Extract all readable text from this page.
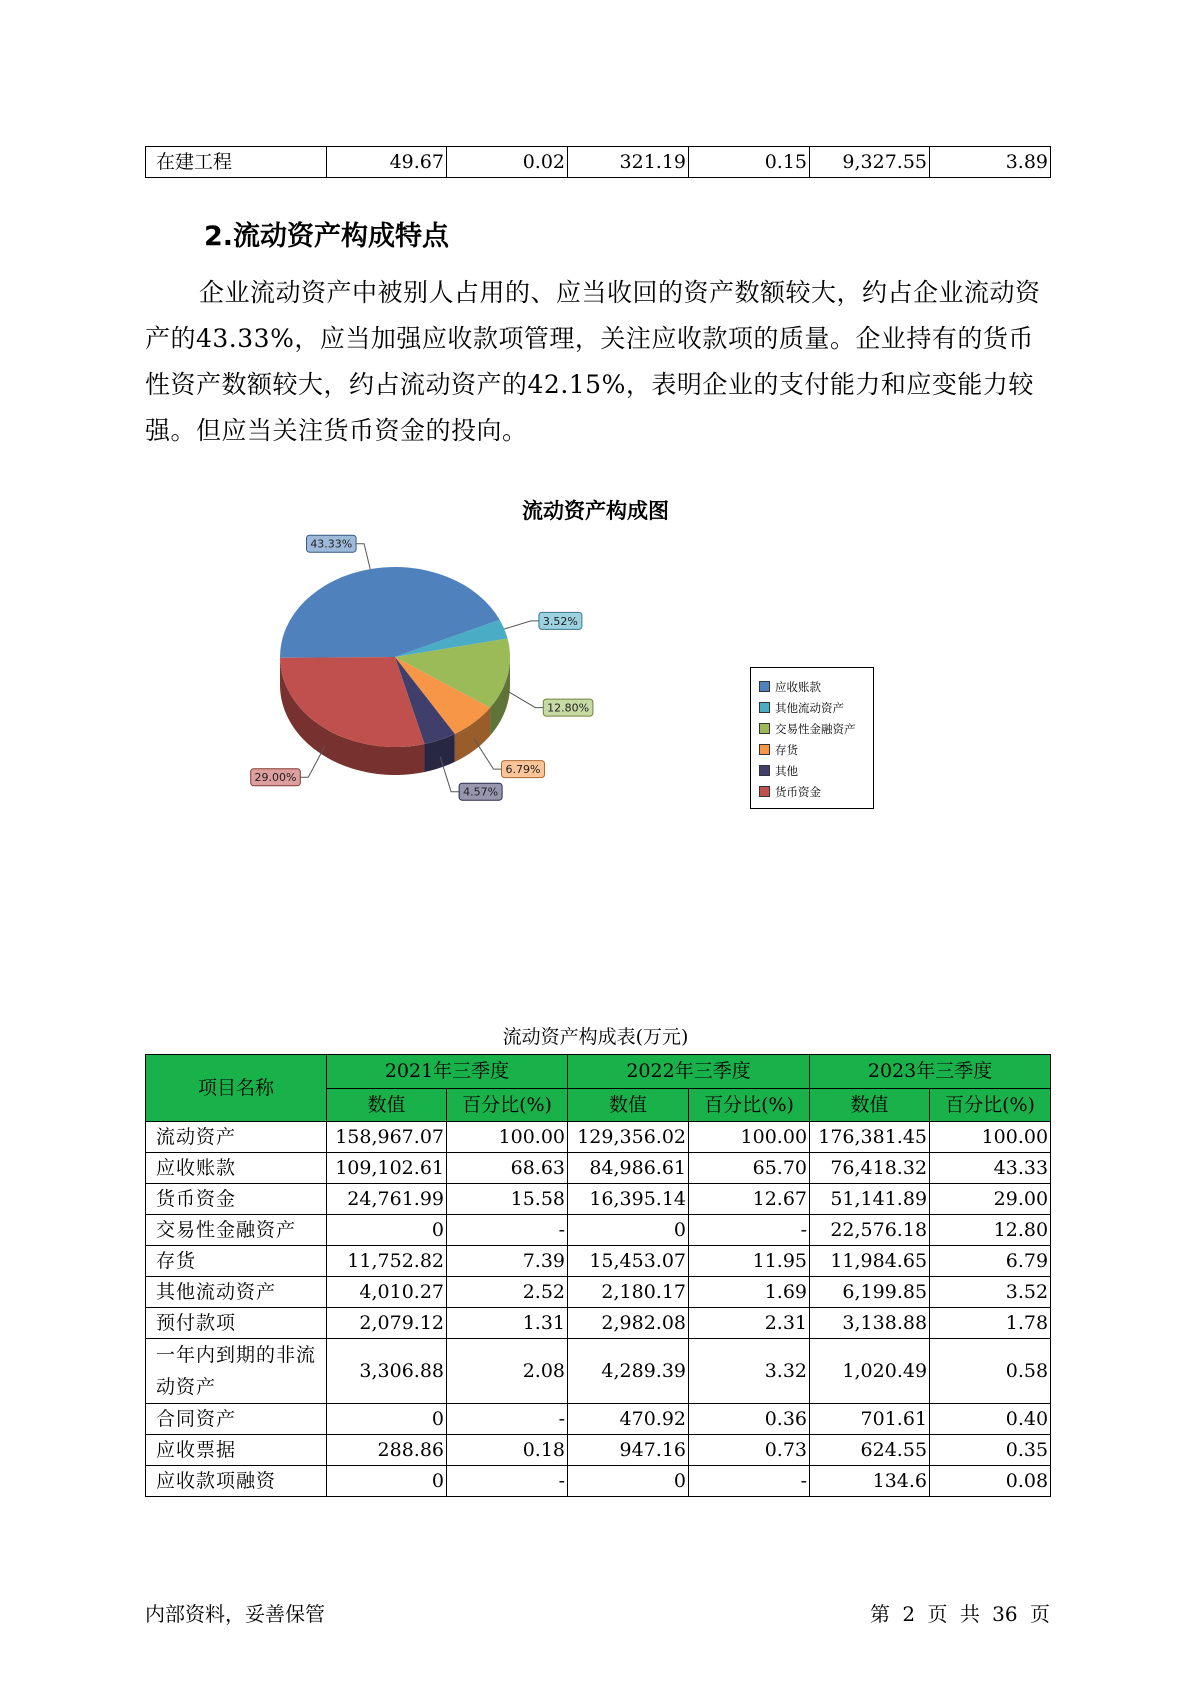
在建工程	49.67	0.02	321.19	0.15	9,327.55	3.89
2.流动资产构成特点

企业流动资产中被别人占用的、应当收回的资产数额较大，约占企业流动资产的43.33%，应当加强应收款项管理，关注应收款项的质量。企业持有的货币性资产数额较大，约占流动资产的42.15%，表明企业的支付能力和应变能力较强。但应当关注货币资金的投向。

流动资产构成图
43.33%
3.52%
12.80%
6.79%
4.57%
29.00%
应收账款
其他流动资产
交易性金融资产
存货
其他
货币资金
流动资产构成表(万元)
项目名称	2021年三季度		2022年三季度		2023年三季度	
	数值	百分比(%)	数值	百分比(%)	数值	百分比(%)
流动资产	158,967.07	100.00	129,356.02	100.00	176,381.45	100.00
应收账款	109,102.61	68.63	84,986.61	65.70	76,418.32	43.33
货币资金	24,761.99	15.58	16,395.14	12.67	51,141.89	29.00
交易性金融资产	0	-	0	-	22,576.18	12.80
存货	11,752.82	7.39	15,453.07	11.95	11,984.65	6.79
其他流动资产	4,010.27	2.52	2,180.17	1.69	6,199.85	3.52
预付款项	2,079.12	1.31	2,982.08	2.31	3,138.88	1.78
一年内到期的非流动资产	3,306.88	2.08	4,289.39	3.32	1,020.49	0.58
合同资产	0	-	470.92	0.36	701.61	0.40
应收票据	288.86	0.18	947.16	0.73	624.55	0.35
应收款项融资	0	-	0	-	134.6	0.08
内部资料，妥善保管	第 2 页 共 36 页
